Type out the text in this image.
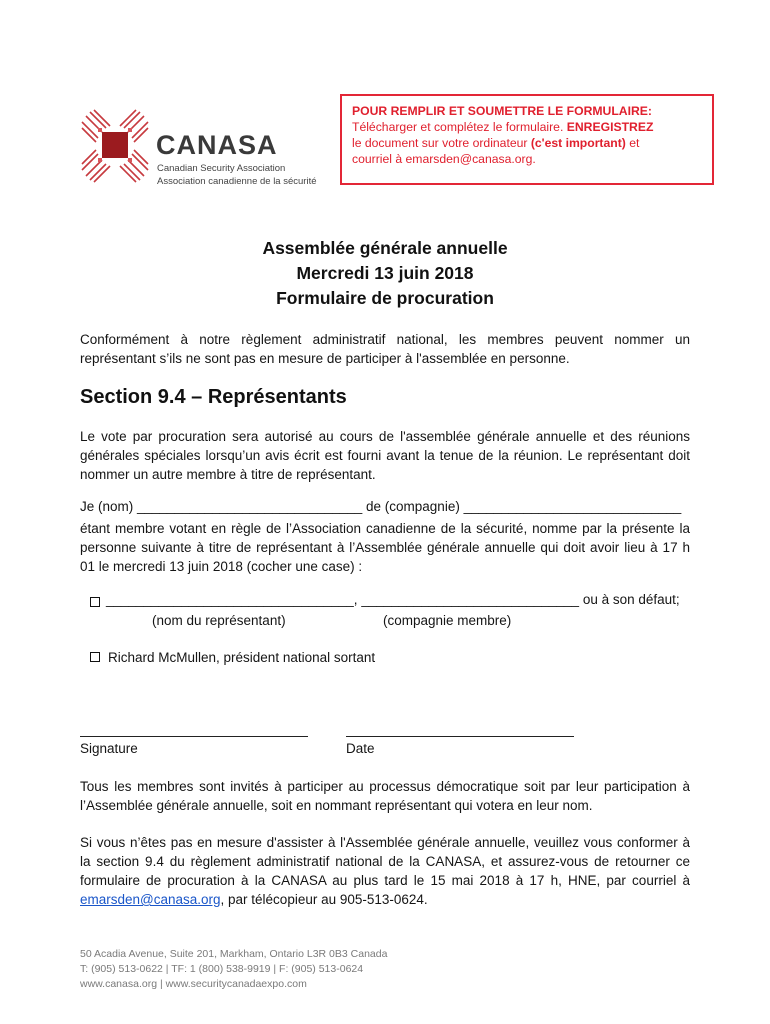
CANASA
Canadian Security Association
Association canadienne de la sécurité
POUR REMPLIR ET SOUMETTRE LE FORMULAIRE:
Télécharger et complétez le formulaire. ENREGISTREZ
le document sur votre ordinateur (c'est important) et
courriel à emarsden@canasa.org.
Assemblée générale annuelle
Mercredi 13 juin 2018
Formulaire de procuration
Conformément à notre règlement administratif national, les membres peuvent nommer un représentant s’ils ne sont pas en mesure de participer à l'assemblée en personne.
Section 9.4 – Représentants
Le vote par procuration sera autorisé au cours de l'assemblée générale annuelle et des réunions générales spéciales lorsqu’un avis écrit est fourni avant la tenue de la réunion. Le représentant doit nommer un autre membre à titre de représentant.
Je (nom) ______________________________ de (compagnie) _____________________________
étant membre votant en règle de l’Association canadienne de la sécurité, nomme par la présente la personne suivante à titre de représentant à l’Assemblée générale annuelle qui doit avoir lieu à 17 h 01 le mercredi 13 juin 2018 (cocher une case) :
_________________________________, _____________________________ ou à son défaut;
(nom du représentant)	(compagnie membre)
Richard McMullen, président national sortant
Signature	Date
Tous les membres sont invités à participer au processus démocratique soit par leur participation à l’Assemblée générale annuelle, soit en nommant représentant qui votera en leur nom.
Si vous n’êtes pas en mesure d'assister à l'Assemblée générale annuelle, veuillez vous conformer à la section 9.4 du règlement administratif national de la CANASA, et assurez-vous de retourner ce formulaire de procuration à la CANASA au plus tard le 15 mai 2018 à 17 h, HNE, par courriel à emarsden@canasa.org, par télécopieur au 905-513-0624.
50 Acadia Avenue, Suite 201, Markham, Ontario L3R 0B3 Canada
T: (905) 513-0622 | TF: 1 (800) 538-9919 | F: (905) 513-0624
www.canasa.org | www.securitycanadaexpo.com
